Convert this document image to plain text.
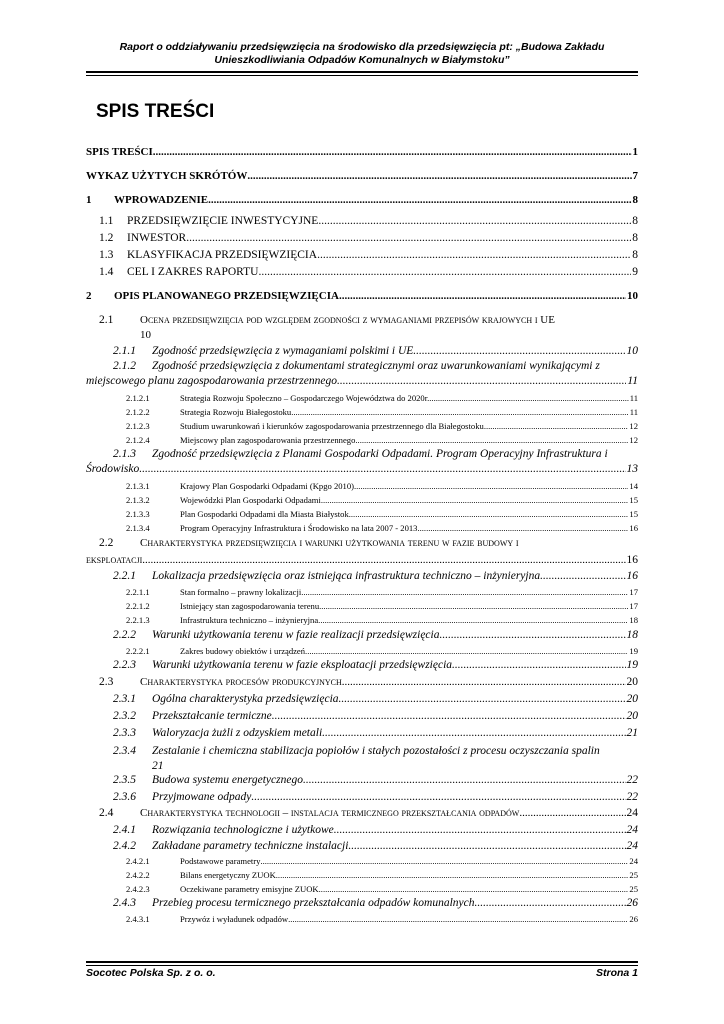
Raport o oddziaływaniu przedsięwzięcia na środowisko dla przedsięwzięcia pt: „Budowa Zakładu
Unieszkodliwiania Odpadów Komunalnych w Białymstoku”
SPIS TREŚCI
SPIS TREŚCI .....	1
WYKAZ UŻYTYCH SKRÓTÓW .....	7
1	WPROWADZENIE .....	8
1.1	PRZEDSIĘWZIĘCIE INWESTYCYJNE .....	8
1.2	INWESTOR .....	8
1.3	KLASYFIKACJA PRZEDSIĘWZIĘCIA .....	8
1.4	CEL I ZAKRES RAPORTU .....	9
2	OPIS PLANOWANEGO PRZEDSIĘWZIĘCIA .....	10
2.1 Ocena przedsięwzięcia pod względem zgodności z wymaganiami przepisów krajowych i UE
10
2.1.1	Zgodność przedsięwzięcia z wymaganiami polskimi i UE .....	10
2.1.2 Zgodność przedsięwzięcia z dokumentami strategicznymi oraz uwarunkowaniami wynikającymi z
miejscowego planu zagospodarowania przestrzennego .....	11
2.1.2.1	Strategia Rozwoju Społeczno – Gospodarczego Województwa do 2020r. .....	11
2.1.2.2	Strategia Rozwoju Białegostoku .....	11
2.1.2.3	Studium uwarunkowań i kierunków zagospodarowania przestrzennego dla Białegostoku .....	12
2.1.2.4	Miejscowy plan zagospodarowania przestrzennego .....	12
2.1.3 Zgodność przedsięwzięcia z Planami Gospodarki Odpadami. Program Operacyjny Infrastruktura i
Środowisko .....	13
2.1.3.1	Krajowy Plan Gospodarki Odpadami (Kpgo 2010) .....	14
2.1.3.2	Wojewódzki Plan Gospodarki Odpadami .....	15
2.1.3.3	Plan Gospodarki Odpadami dla Miasta Białystok .....	15
2.1.3.4	Program Operacyjny Infrastruktura i Środowisko na lata 2007 - 2013 .....	16
2.2 Charakterystyka przedsięwzięcia i warunki użytkowania terenu w fazie budowy i
eksploatacji .....	16
2.2.1	Lokalizacja przedsięwzięcia oraz istniejąca infrastruktura techniczno – inżynieryjna .....	16
2.2.1.1	Stan formalno – prawny lokalizacji .....	17
2.2.1.2	Istniejący stan zagospodarowania terenu .....	17
2.2.1.3	Infrastruktura techniczno – inżynieryjna .....	18
2.2.2	Warunki użytkowania terenu w fazie realizacji przedsięwzięcia .....	18
2.2.2.1	Zakres budowy obiektów i urządzeń .....	19
2.2.3	Warunki użytkowania terenu w fazie eksploatacji przedsięwzięcia .....	19
2.3	Charakterystyka procesów produkcyjnych .....	20
2.3.1	Ogólna charakterystyka przedsięwzięcia .....	20
2.3.2	Przekształcanie termiczne .....	20
2.3.3	Waloryzacja żużli z odzyskiem metali .....	21
2.3.4 Zestalanie i chemiczna stabilizacja popiołów i stałych pozostałości z procesu oczyszczania spalin
21
2.3.5	Budowa systemu energetycznego .....	22
2.3.6	Przyjmowane odpady .....	22
2.4	Charakterystyka technologii – instalacja termicznego przekształcania odpadów .....	24
2.4.1	Rozwiązania technologiczne i użytkowe .....	24
2.4.2	Zakładane parametry techniczne instalacji .....	24
2.4.2.1	Podstawowe parametry .....	24
2.4.2.2	Bilans energetyczny ZUOK .....	25
2.4.2.3	Oczekiwane parametry emisyjne ZUOK .....	25
2.4.3	Przebieg procesu termicznego przekształcania odpadów komunalnych .....	26
2.4.3.1	Przywóz i wyładunek odpadów .....	26
Socotec Polska Sp. z o. o.	Strona 1
